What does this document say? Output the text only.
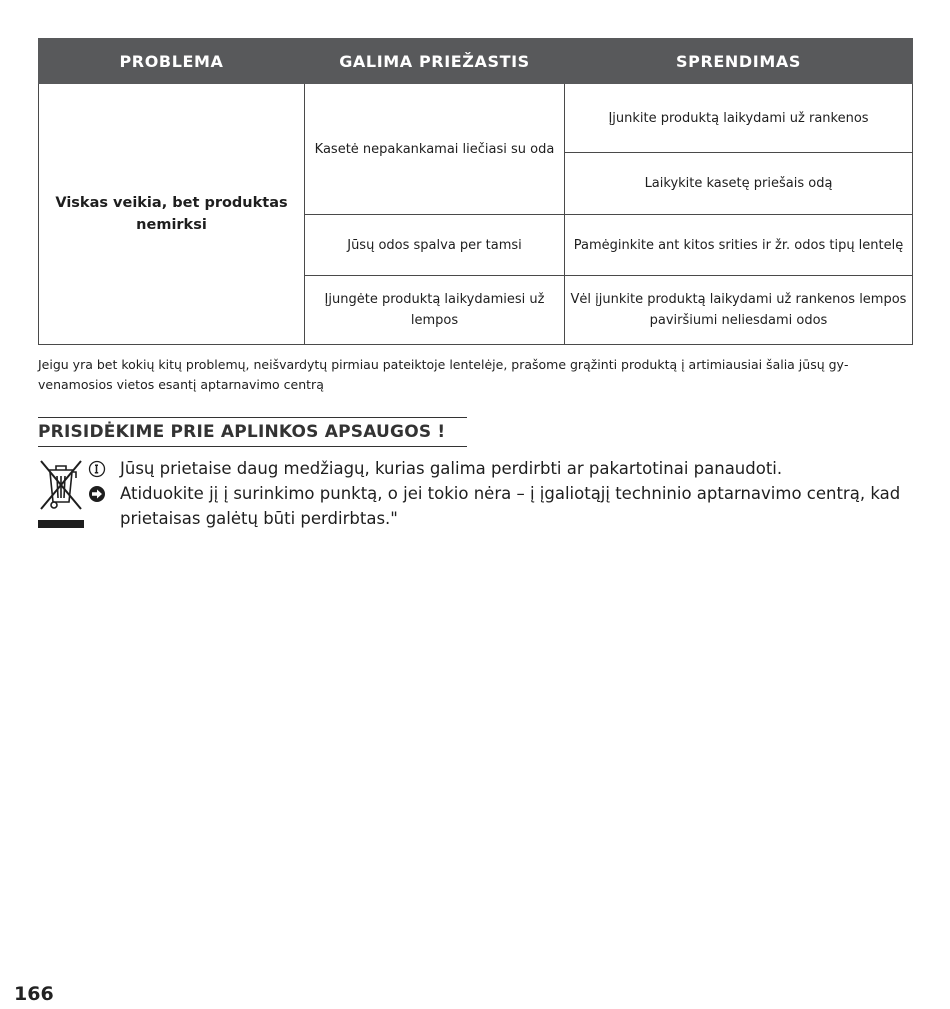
PROBLEMA	GALIMA PRIEŽASTIS	SPRENDIMAS
Viskas veikia, bet produktas nemirksi	Kasetė nepakankamai liečiasi su oda	Įjunkite produktą laikydami už rankenos
		Laikykite kasetę priešais odą
	Jūsų odos spalva per tamsi	Pamėginkite ant kitos srities ir žr. odos tipų lentelę
	Įjungėte produktą laikydamiesi už lempos	Vėl įjunkite produktą laikydami už rankenos lempos paviršiumi neliesdami odos

Jeigu yra bet kokių kitų problemų, neišvardytų pirmiau pateiktoje lentelėje, prašome grąžinti produktą į artimiausiai šalia jūsų gyvenamosios vietos esantį aptarnavimo centrą

PRISIDĖKIME PRIE APLINKOS APSAUGOS !
Jūsų prietaise daug medžiagų, kurias galima perdirbti ar pakartotinai panaudoti.
Atiduokite jį į surinkimo punktą, o jei tokio nėra – į įgaliotąjį techninio aptarnavimo centrą, kad prietaisas galėtų būti perdirbtas."
166
